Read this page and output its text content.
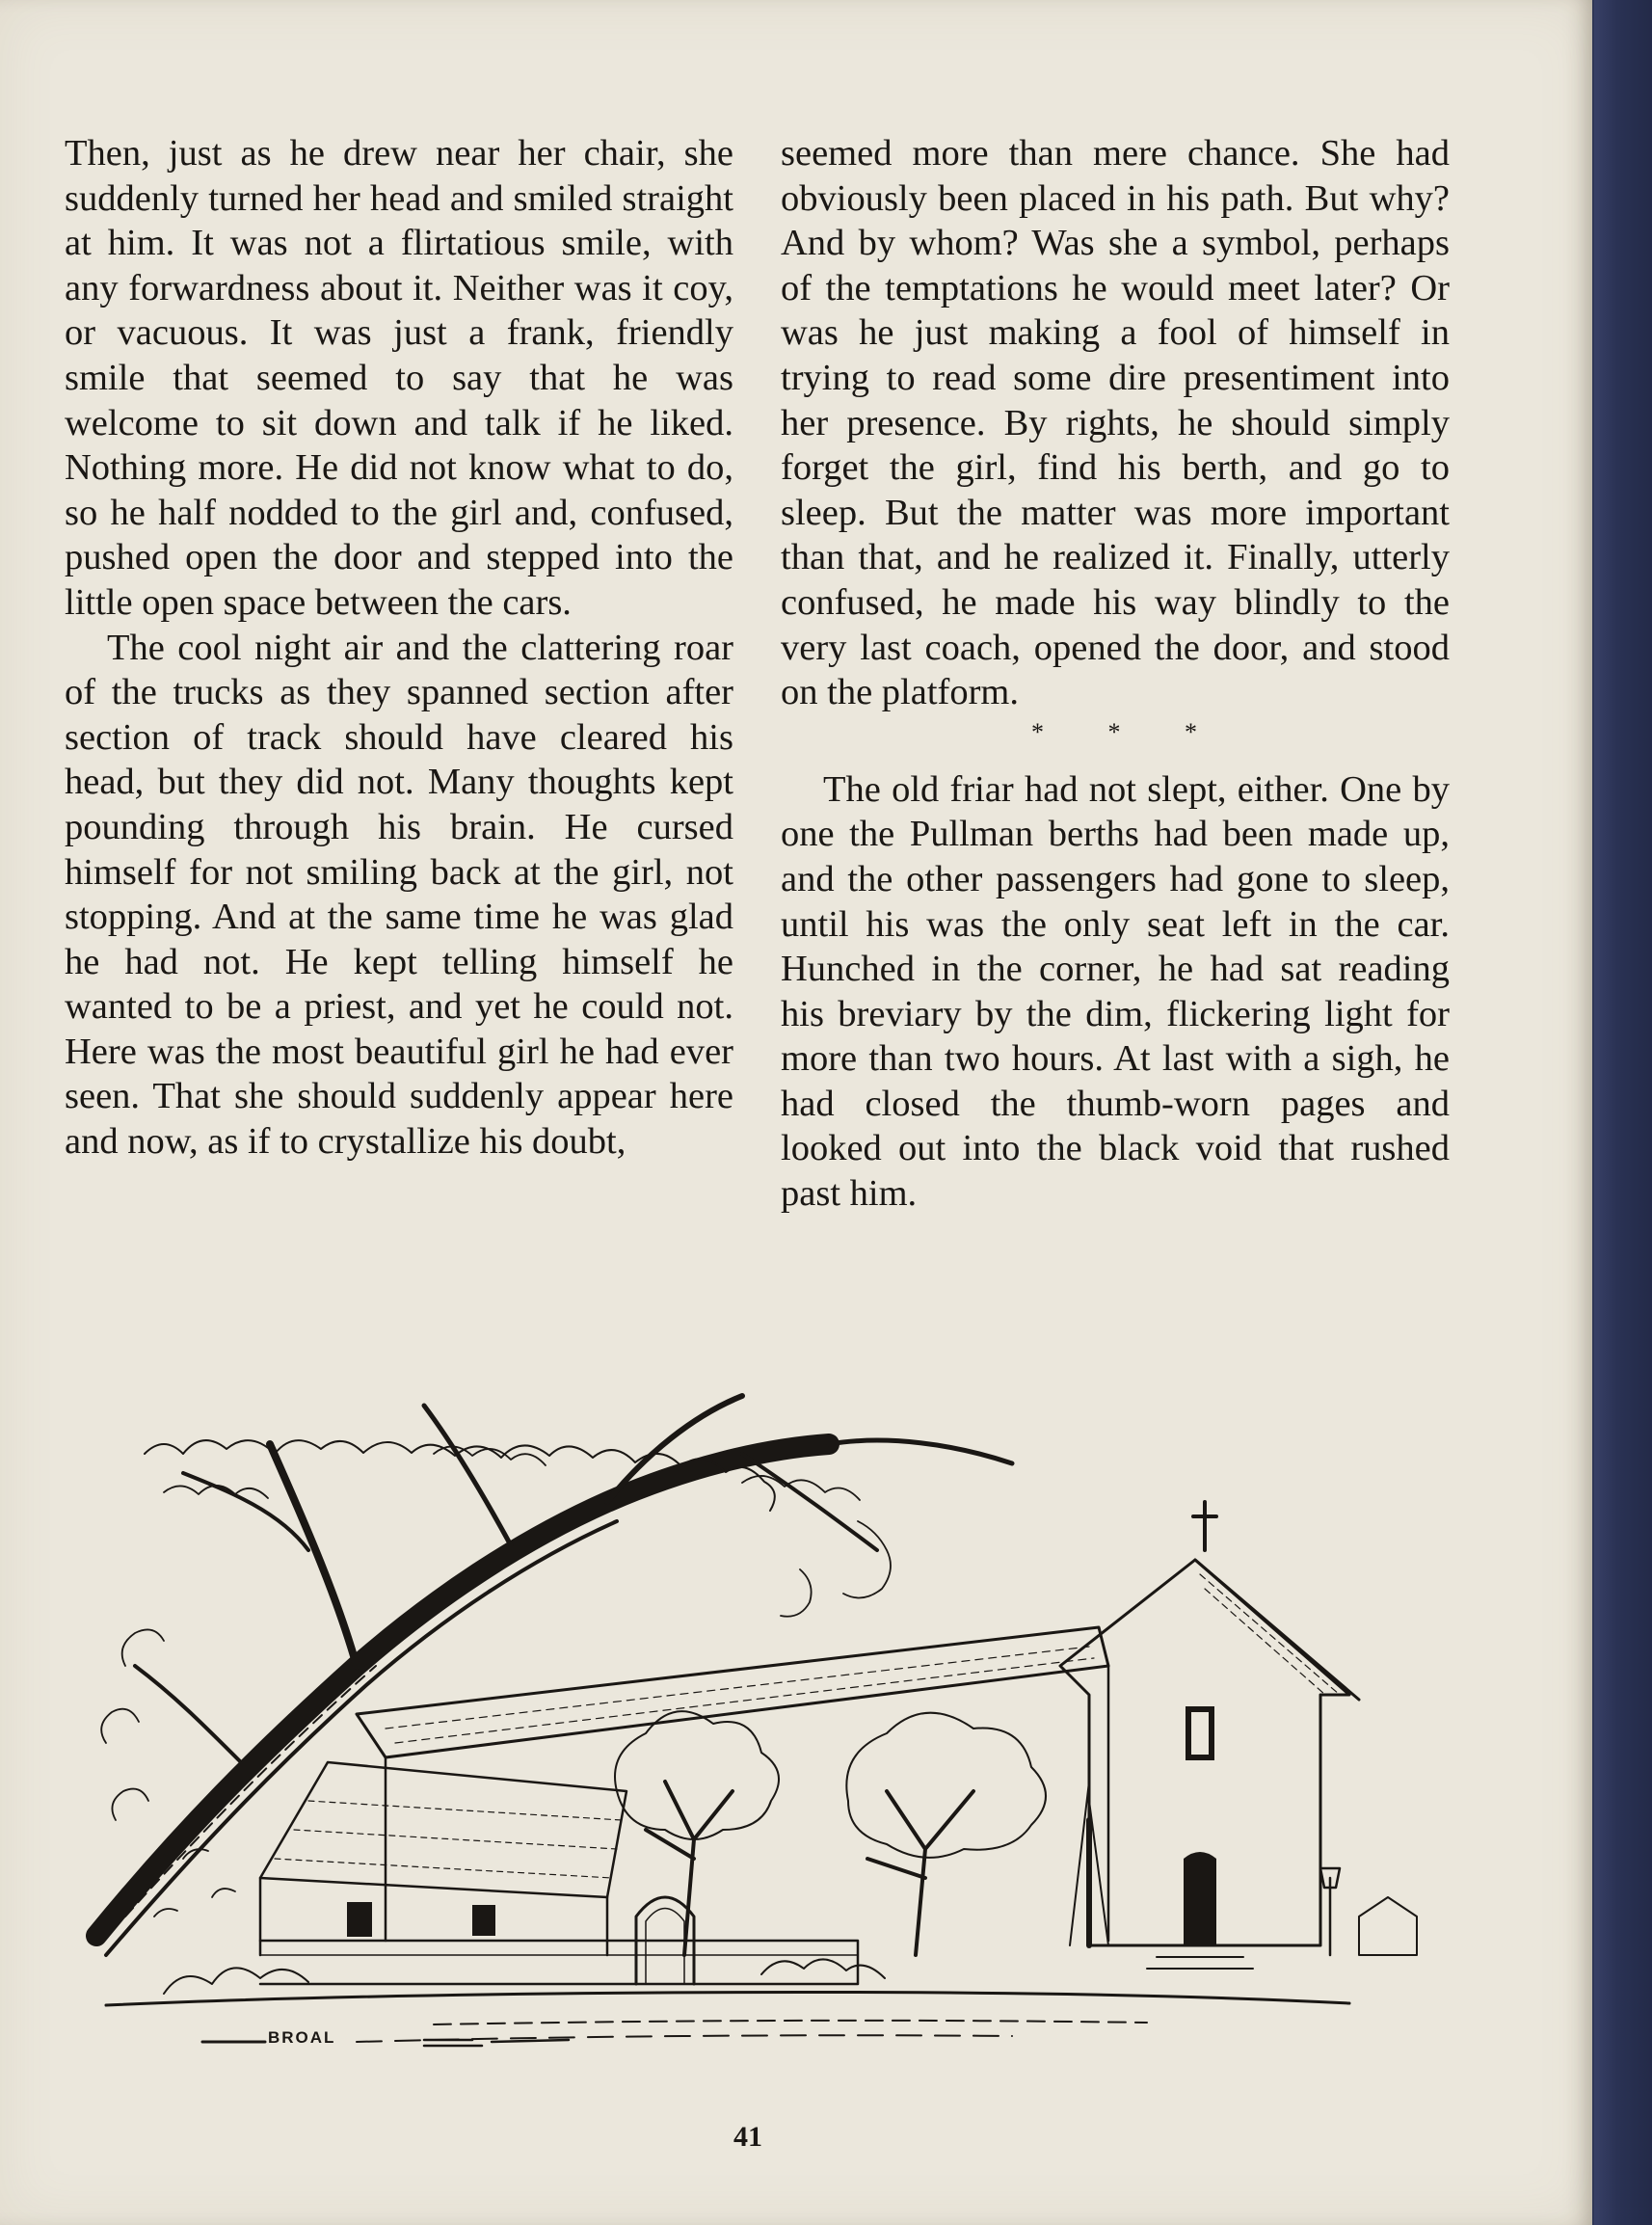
Then, just as he drew near her chair, she suddenly turned her head and smiled straight at him. It was not a flirtatious smile, with any forwardness about it. Neither was it coy, or vacuous. It was just a frank, friendly smile that seemed to say that he was welcome to sit down and talk if he liked. Nothing more. He did not know what to do, so he half nodded to the girl and, confused, pushed open the door and stepped into the little open space between the cars.

The cool night air and the clattering roar of the trucks as they spanned section after section of track should have cleared his head, but they did not. Many thoughts kept pounding through his brain. He cursed himself for not smiling back at the girl, not stopping. And at the same time he was glad he had not. He kept telling himself he wanted to be a priest, and yet he could not. Here was the most beautiful girl he had ever seen. That she should suddenly appear here and now, as if to crystallize his doubt,

seemed more than mere chance. She had obviously been placed in his path. But why? And by whom? Was she a symbol, perhaps of the temptations he would meet later? Or was he just making a fool of himself in trying to read some dire presentiment into her presence. By rights, he should simply forget the girl, find his berth, and go to sleep. But the matter was more important than that, and he realized it. Finally, utterly confused, he made his way blindly to the very last coach, opened the door, and stood on the platform.

* * *

The old friar had not slept, either. One by one the Pullman berths had been made up, and the other passengers had gone to sleep, until his was the only seat left in the car. Hunched in the corner, he had sat reading his breviary by the dim, flickering light for more than two hours. At last with a sigh, he had closed the thumb-worn pages and looked out into the black void that rushed past him.

BROAL
41
